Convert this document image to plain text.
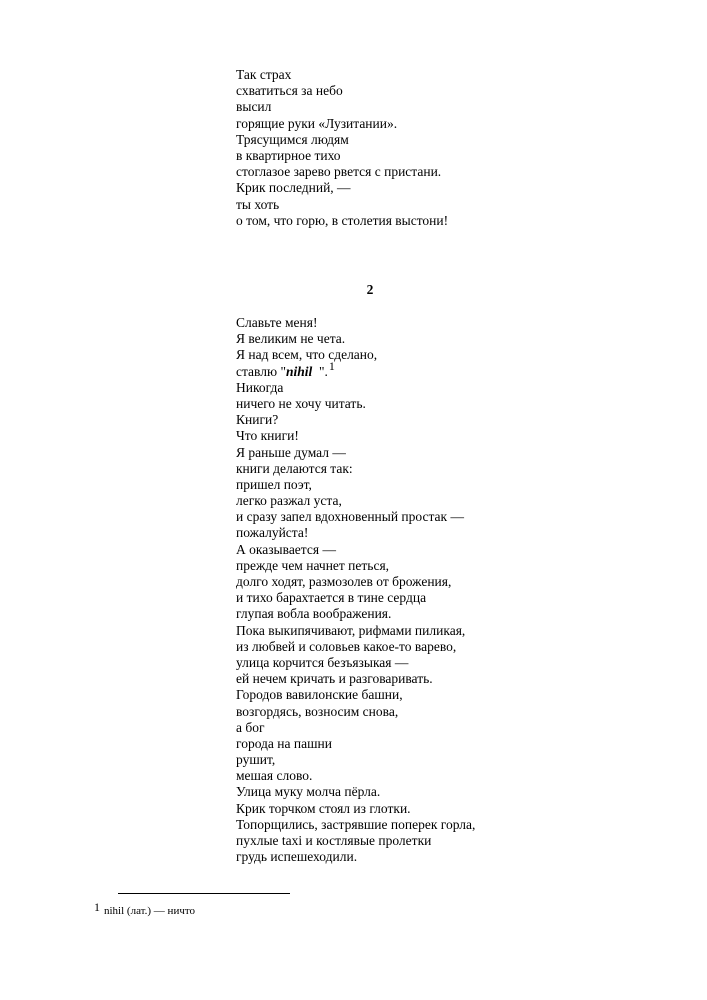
Так страх
схватиться за небо
высил
горящие руки «Лузитании».
Трясущимся людям
в квартирное тихо
стоглазое зарево рвется с пристани.
Крик последний, —
ты хоть
о том, что горю, в столетия выстони!
2
Славьте меня!
Я великим не чета.
Я над всем, что сделано,
ставлю "nihil  ".1
Никогда
ничего не хочу читать.
Книги?
Что книги!
Я раньше думал —
книги делаются так:
пришел поэт,
легко разжал уста,
и сразу запел вдохновенный простак —
пожалуйста!
А оказывается —
прежде чем начнет петься,
долго ходят, размозолев от брожения,
и тихо барахтается в тине сердца
глупая вобла воображения.
Пока выкипячивают, рифмами пиликая,
из любвей и соловьев какое-то варево,
улица корчится безъязыкая —
ей нечем кричать и разговаривать.
Городов вавилонские башни,
возгордясь, возносим снова,
а бог
города на пашни
рушит,
мешая слово.
Улица муку молча пёрла.
Крик торчком стоял из глотки.
Топорщились, застрявшие поперек горла,
пухлые taxi и костлявые пролетки
грудь испешеходили.
1 nihil (лат.) — ничто
